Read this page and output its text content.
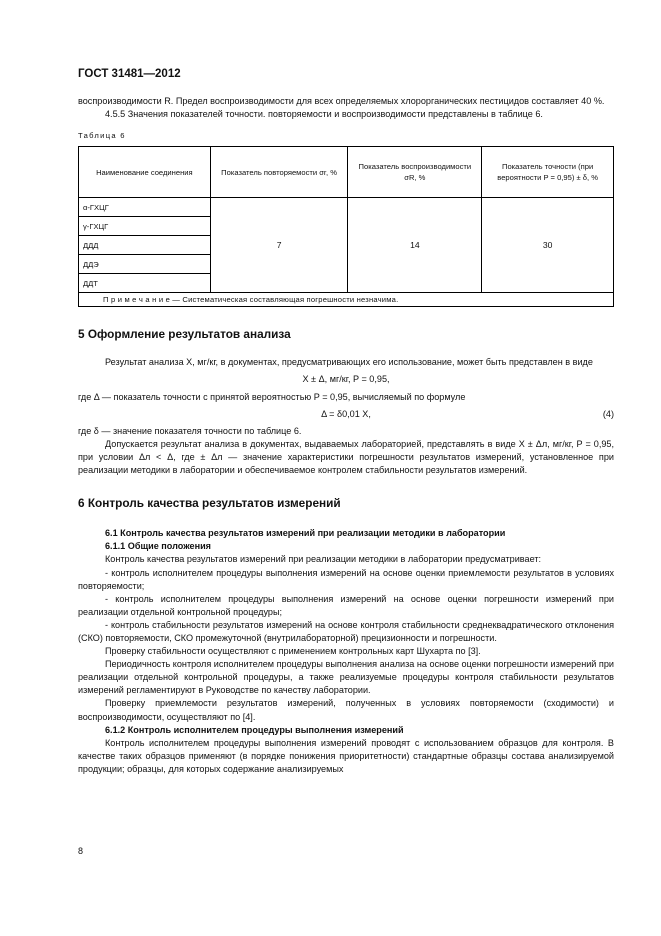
ГОСТ 31481—2012

воспроизводимости R. Предел воспроизводимости для всех определяемых хлорорганических пестицидов составляет 40 %.

4.5.5 Значения показателей точности. повторяемости и воспроизводимости представлены в таблице 6.

Таблица 6
Наименование соединения	Показатель повторяемости σr, %	Показатель воспроизводимости σR, %	Показатель точности (при вероятности P = 0,95) ± δ, %
α-ГХЦГ	7	14	30
γ-ГХЦГ			
ДДД			
ДДЭ			
ДДТ			
П р и м е ч а н и е — Систематическая составляющая погрешности незначима.			
5 Оформление результатов анализа

Результат анализа X, мг/кг, в документах, предусматривающих его использование, может быть представлен в виде

X ± Δ, мг/кг, P = 0,95,

где Δ — показатель точности с принятой вероятностью P = 0,95, вычисляемый по формуле

Δ = δ0,01 X,	(4)

где δ — значение показателя точности по таблице 6.

Допускается результат анализа в документах, выдаваемых лабораторией, представлять в виде X ± Δл, мг/кг, P = 0,95, при условии Δл < Δ, где ± Δл — значение характеристики погрешности результатов измерений, установленное при реализации методики в лаборатории и обеспечиваемое контролем стабильности результатов измерений.

6 Контроль качества результатов измерений

6.1 Контроль качества результатов измерений при реализации методики в лаборатории

6.1.1 Общие положения

Контроль качества результатов измерений при реализации методики в лаборатории предусматривает:

- контроль исполнителем процедуры выполнения измерений на основе оценки приемлемости результатов в условиях повторяемости;

- контроль исполнителем процедуры выполнения измерений на основе оценки погрешности измерений при реализации отдельной контрольной процедуры;

- контроль стабильности результатов измерений на основе контроля стабильности среднеквадратического отклонения (СКО) повторяемости, СКО промежуточной (внутрилабораторной) прецизионности и погрешности.

Проверку стабильности осуществляют с применением контрольных карт Шухарта по [3].

Периодичность контроля исполнителем процедуры выполнения анализа на основе оценки погрешности измерений при реализации отдельной контрольной процедуры, а также реализуемые процедуры контроля стабильности результатов измерений регламентируют в Руководстве по качеству лаборатории.

Проверку приемлемости результатов измерений, полученных в условиях повторяемости (сходимости) и воспроизводимости, осуществляют по [4].

6.1.2 Контроль исполнителем процедуры выполнения измерений

Контроль исполнителем процедуры выполнения измерений проводят с использованием образцов для контроля. В качестве таких образцов применяют (в порядке понижения приоритетности) стандартные образцы состава анализируемой продукции; образцы, для которых содержание анализируемых

8
